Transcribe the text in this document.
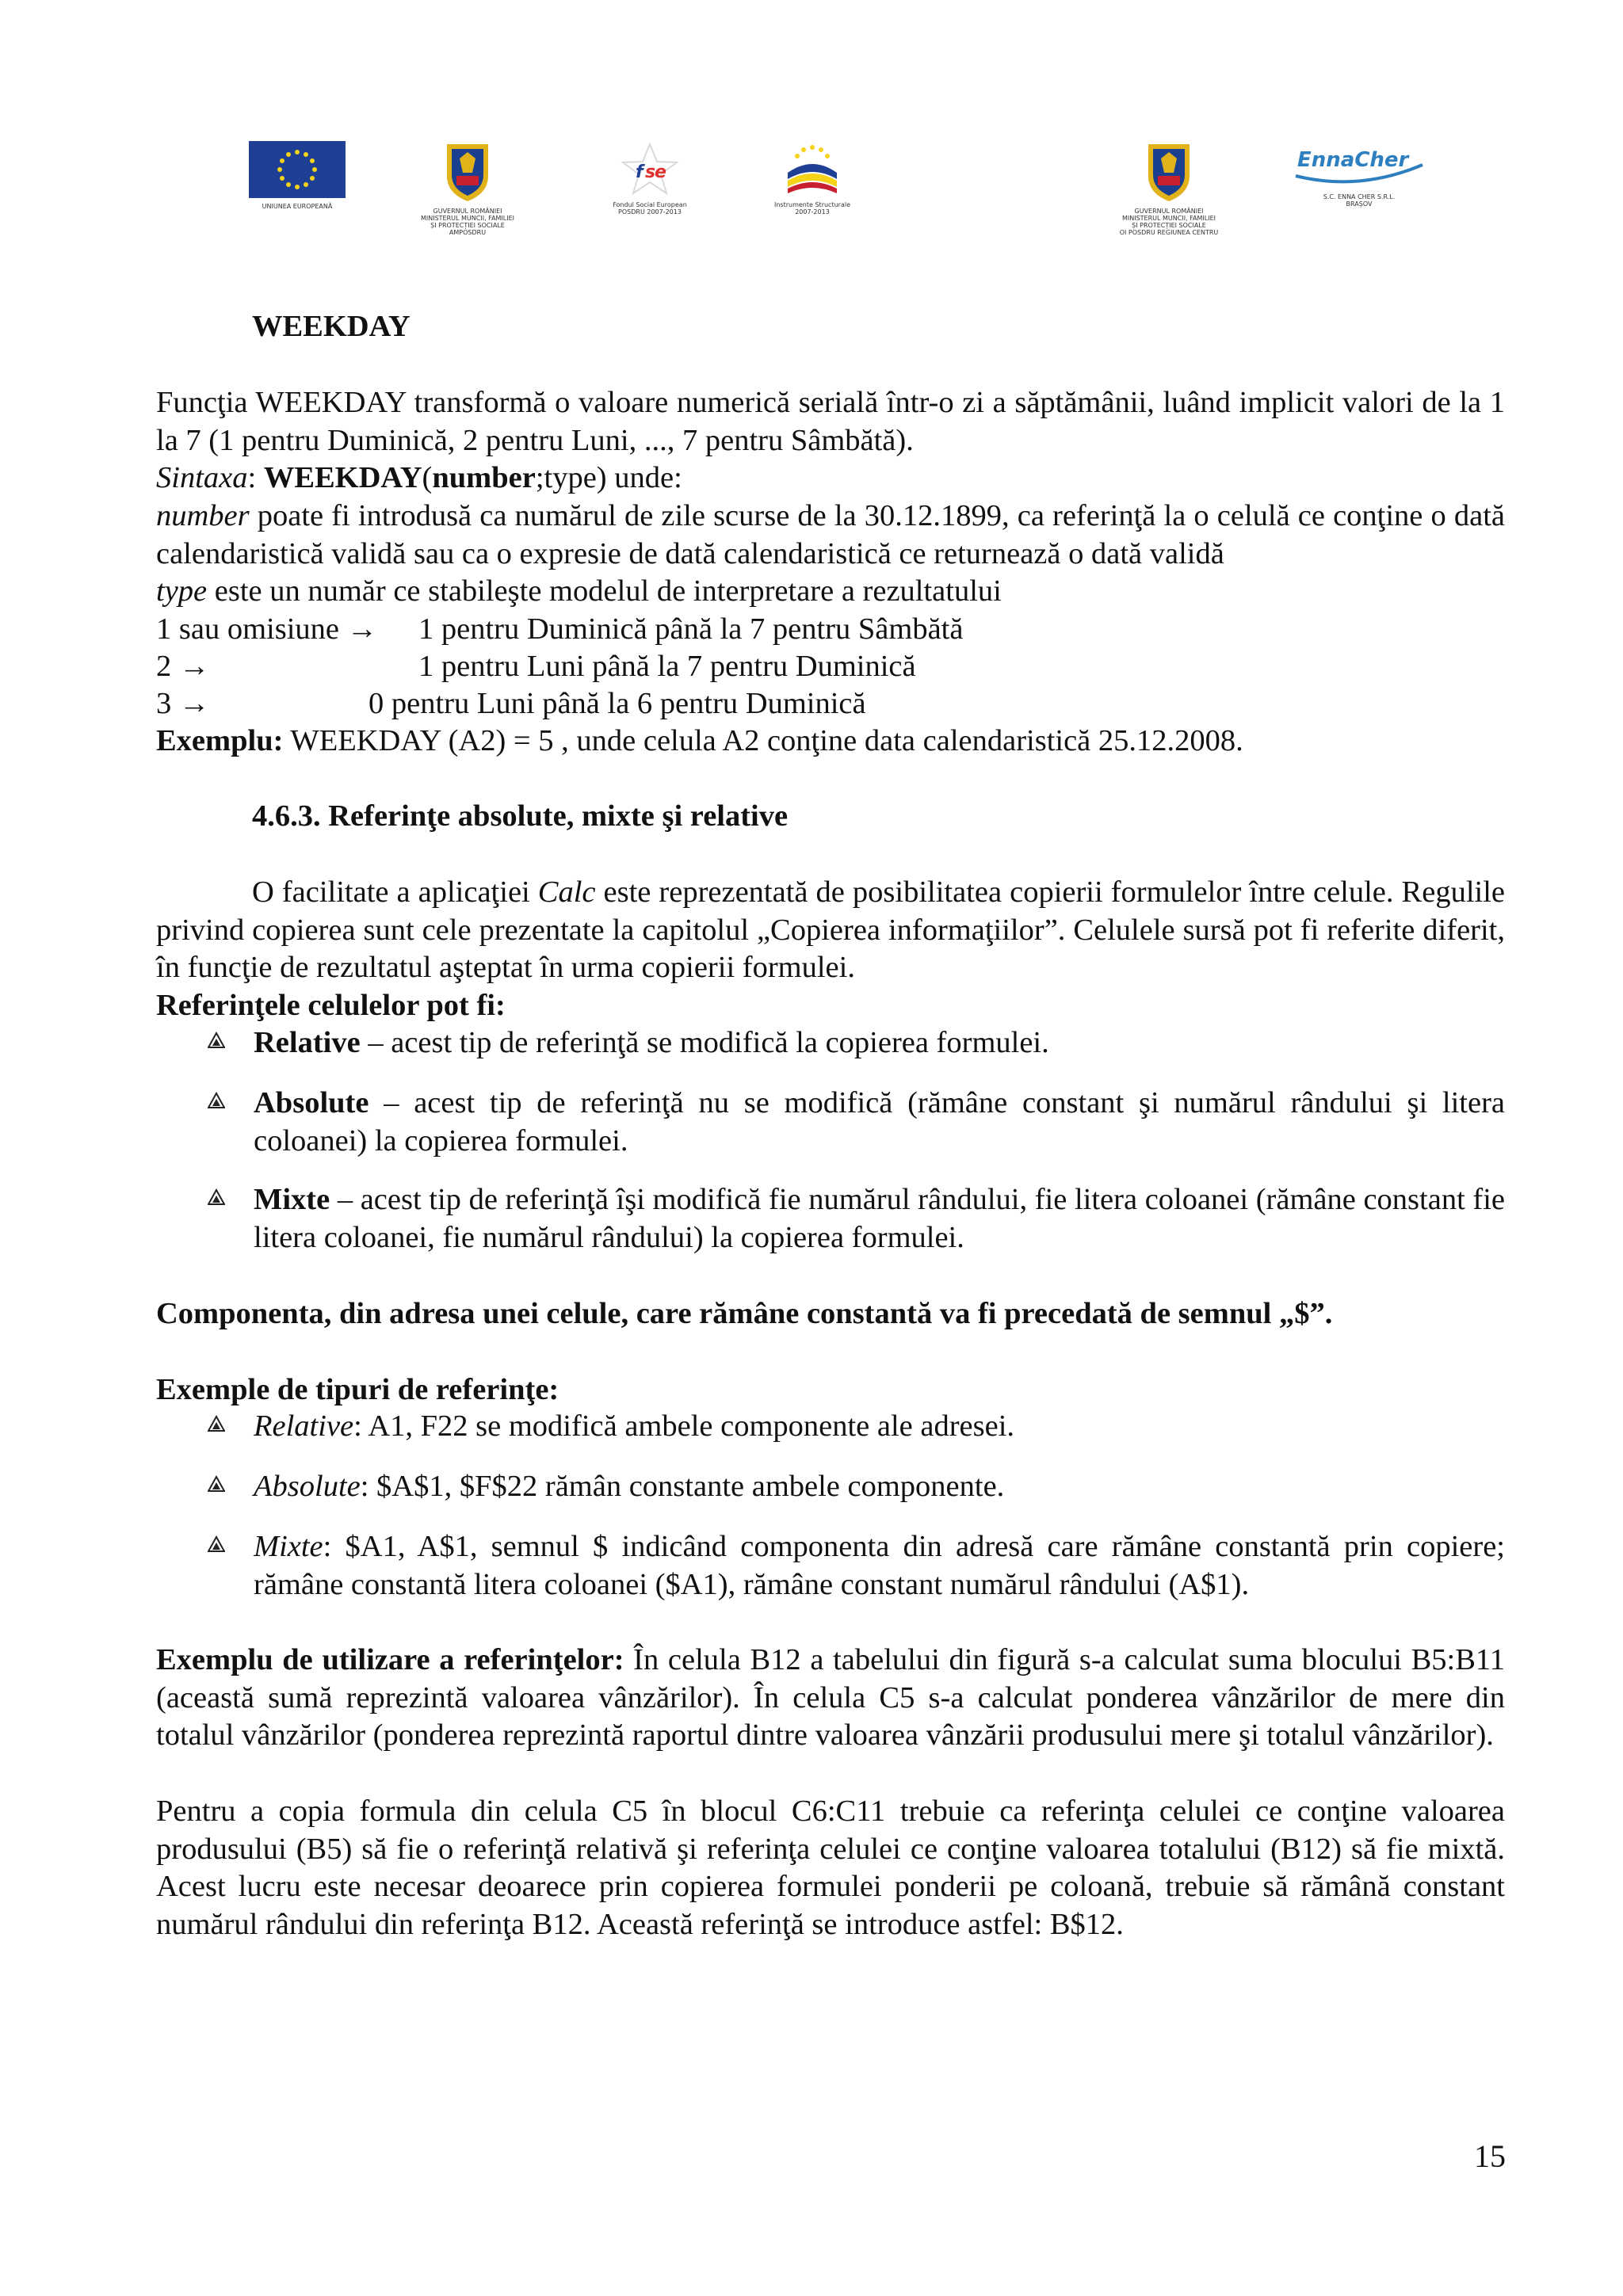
UNIUNEA EUROPEANĂ
GUVERNUL ROMÂNIEI
MINISTERUL MUNCII, FAMILIEI
ȘI PROTECȚIEI SOCIALE
AMPOSDRU
f s
e
Fondul Social European
POSDRU 2007-2013
Instrumente Structurale
2007-2013	GUVERNUL ROMÂNIEI
MINISTERUL MUNCII, FAMILIEI
ȘI PROTECȚIEI SOCIALE
OI POSDRU REGIUNEA CENTRU
EnnaCher
S.C. ENNA CHER S.R.L.
BRAȘOV
WEEKDAY
Funcţia WEEKDAY transformă o valoare numerică serială într-o zi a săptămânii, luând implicit valori de la 1 la 7 (1 pentru Duminică, 2 pentru Luni, ..., 7 pentru Sâmbătă).
Sintaxa: WEEKDAY(number;type) unde:
number poate fi introdusă ca numărul de zile scurse de la 30.12.1899, ca referinţă la o celulă ce conţine o dată calendaristică validă sau ca o expresie de dată calendaristică ce returnează o dată validă
type este un număr ce stabileşte modelul de interpretare a rezultatului
1 sau omisiune → 1 pentru Duminică până la 7 pentru Sâmbătă
2 →	1 pentru Luni până la 7 pentru Duminică
3 →	0 pentru Luni până la 6 pentru Duminică
Exemplu: WEEKDAY (A2) = 5 , unde celula A2 conţine data calendaristică 25.12.2008.
4.6.3. Referinţe absolute, mixte şi relative
O facilitate a aplicaţiei Calc este reprezentată de posibilitatea copierii formulelor între celule. Regulile privind copierea sunt cele prezentate la capitolul „Copierea informaţiilor”. Celulele sursă pot fi referite diferit, în funcţie de rezultatul aşteptat în urma copierii formulei.
Referinţele celulelor pot fi:
Relative – acest tip de referinţă se modifică la copierea formulei.
Absolute – acest tip de referinţă nu se modifică (rămâne constant şi numărul rândului şi litera coloanei) la copierea formulei.
Mixte – acest tip de referinţă îşi modifică fie numărul rândului, fie litera coloanei (rămâne constant fie litera coloanei, fie numărul rândului) la copierea formulei.
Componenta, din adresa unei celule, care rămâne constantă va fi precedată de semnul „$”.
Exemple de tipuri de referinţe:
Relative: A1, F22 se modifică ambele componente ale adresei.
Absolute: $A$1, $F$22 rămân constante ambele componente.
Mixte: $A1, A$1, semnul $ indicând componenta din adresă care rămâne constantă prin copiere; rămâne constantă litera coloanei ($A1), rămâne constant numărul rândului (A$1).
Exemplu de utilizare a referinţelor: În celula B12 a tabelului din figură s-a calculat suma blocului B5:B11 (această sumă reprezintă valoarea vânzărilor). În celula C5 s-a calculat ponderea vânzărilor de mere din totalul vânzărilor (ponderea reprezintă raportul dintre valoarea vânzării produsului mere şi totalul vânzărilor).
Pentru a copia formula din celula C5 în blocul C6:C11 trebuie ca referinţa celulei ce conţine valoarea produsului (B5) să fie o referinţă relativă şi referinţa celulei ce conţine valoarea totalului (B12) să fie mixtă. Acest lucru este necesar deoarece prin copierea formulei ponderii pe coloană, trebuie să rămână constant numărul rândului din referinţa B12. Această referinţă se introduce astfel: B$12.
15
